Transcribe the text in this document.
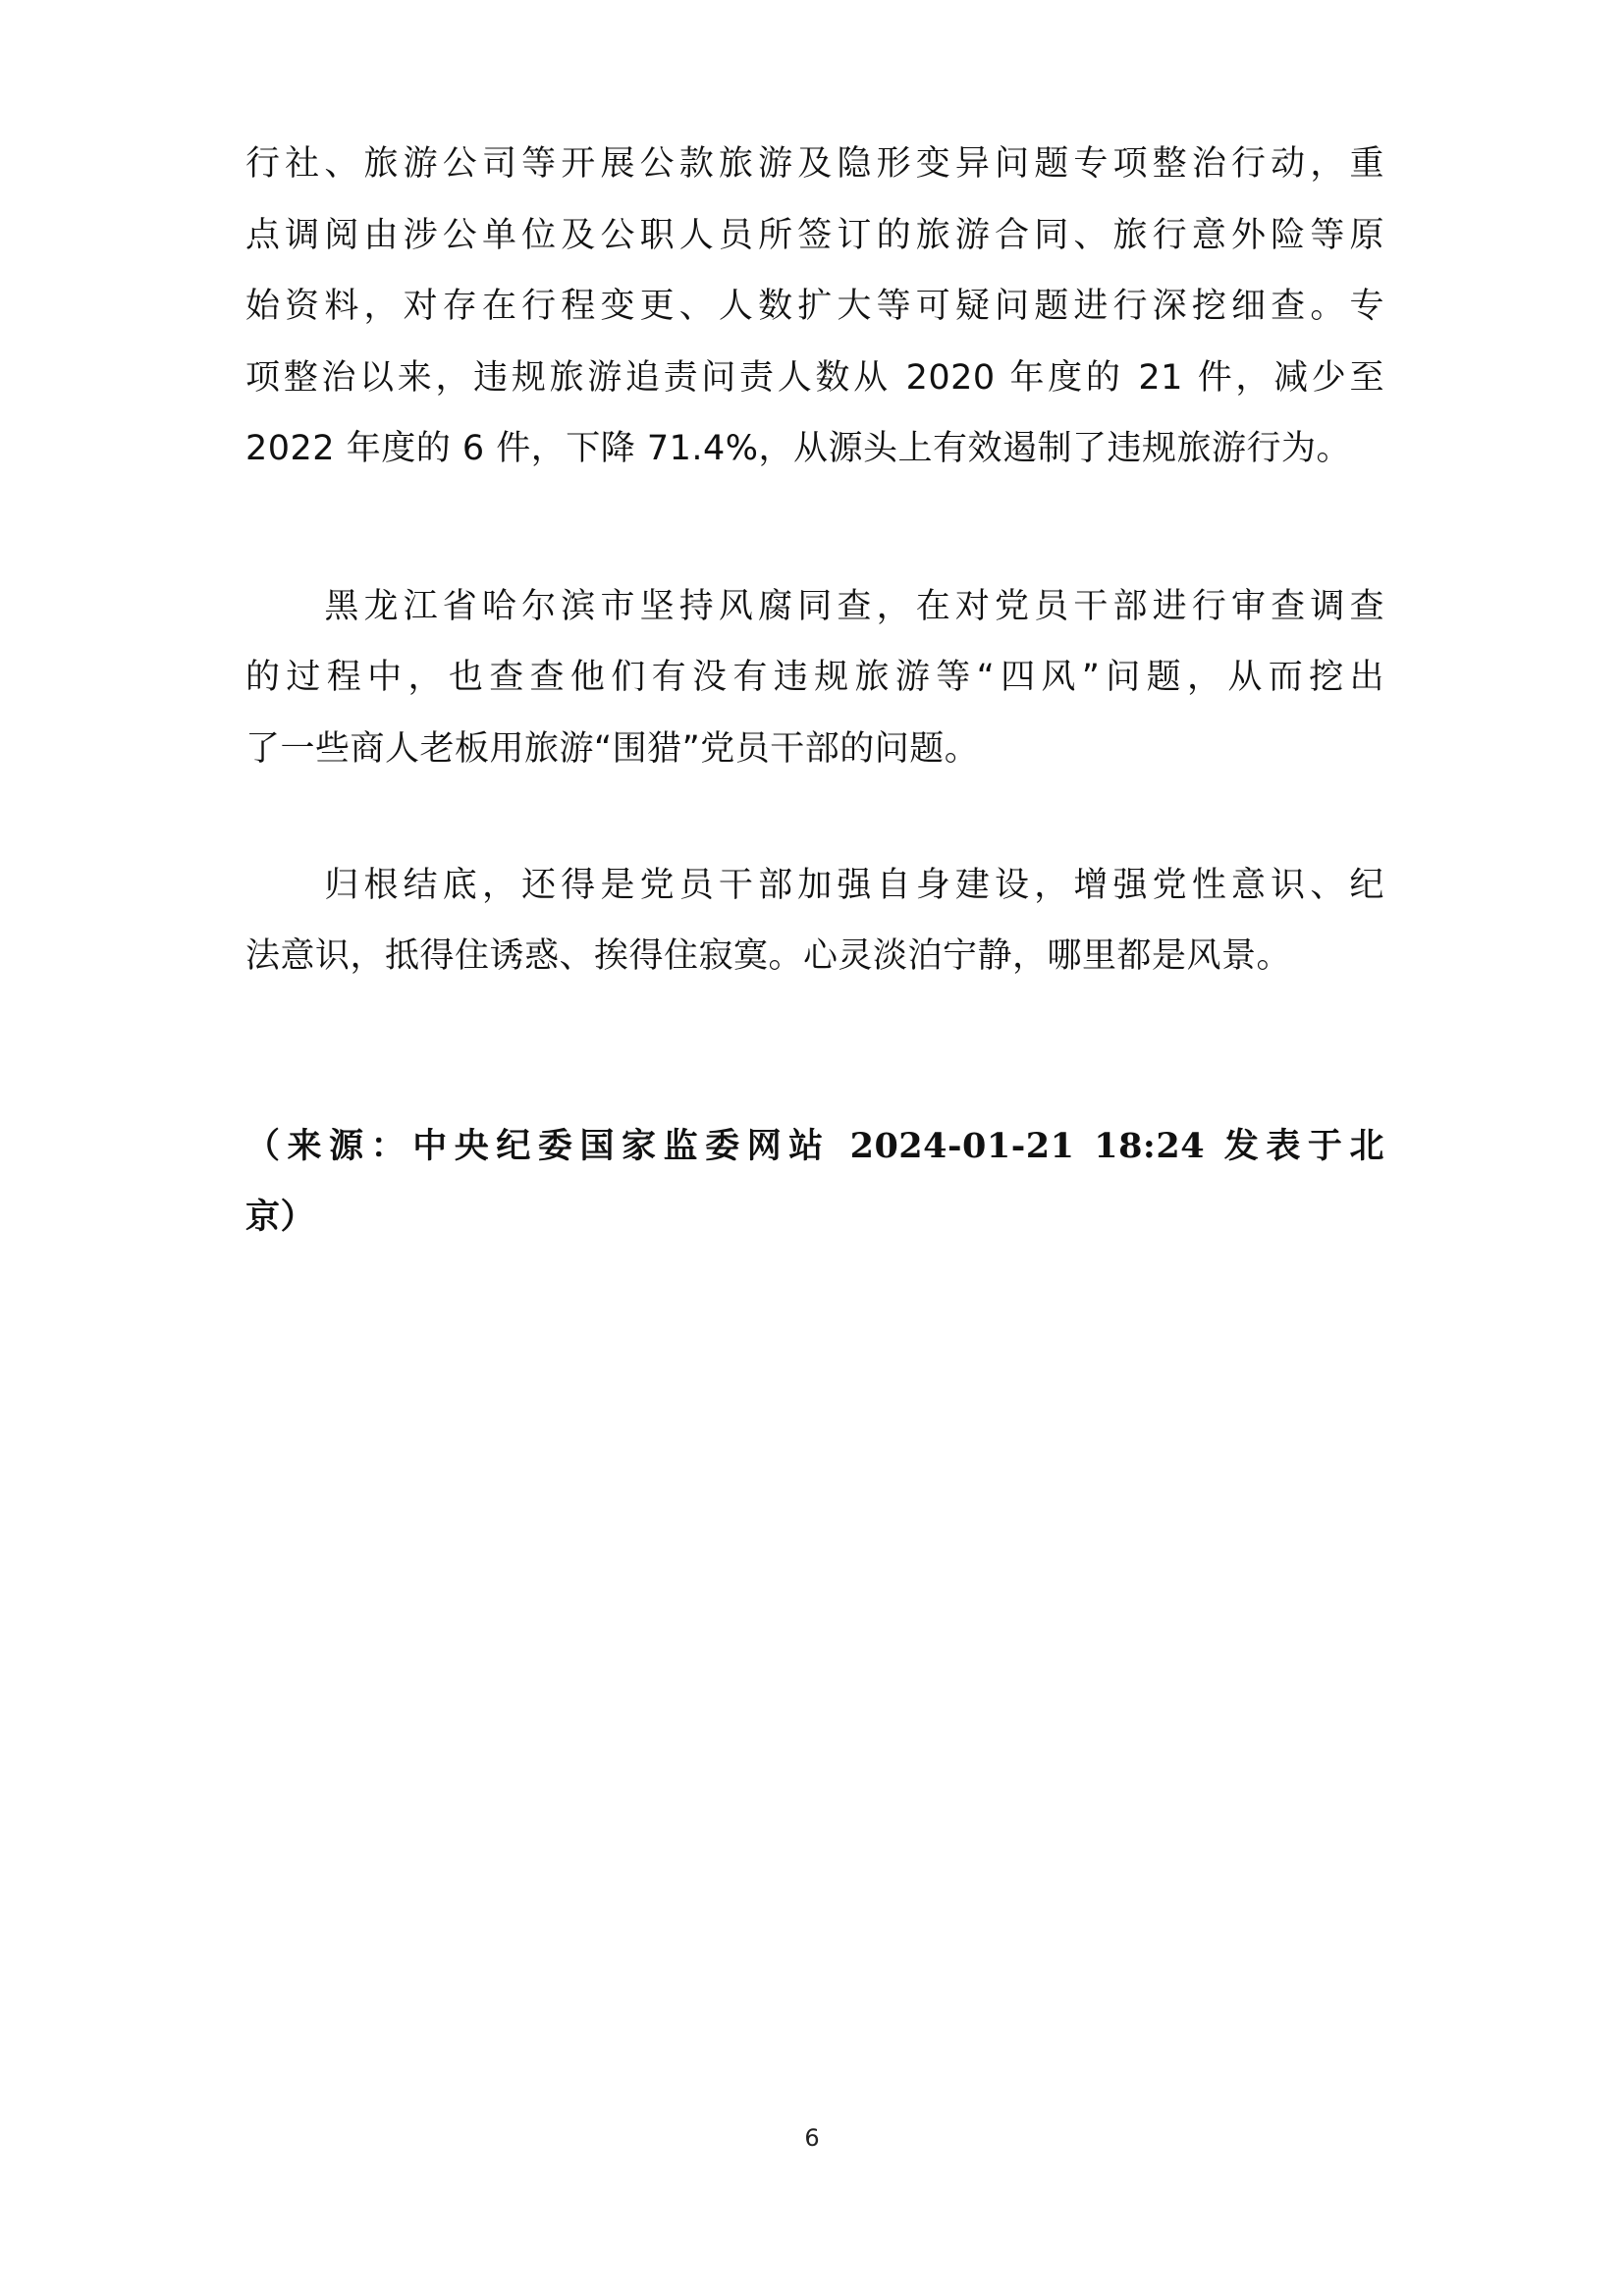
行社、旅游公司等开展公款旅游及隐形变异问题专项整治行动，重
点调阅由涉公单位及公职人员所签订的旅游合同、旅行意外险等原
始资料，对存在行程变更、人数扩大等可疑问题进行深挖细查。专
项整治以来，违规旅游追责问责人数从 2020 年度的 21 件，减少至
2022 年度的 6 件，下降 71.4%，从源头上有效遏制了违规旅游行为。
　　黑龙江省哈尔滨市坚持风腐同查，在对党员干部进行审查调查
的过程中，也查查他们有没有违规旅游等“四风”问题，从而挖出
了一些商人老板用旅游“围猎”党员干部的问题。
　　归根结底，还得是党员干部加强自身建设，增强党性意识、纪
法意识，抵得住诱惑、挨得住寂寞。心灵淡泊宁静，哪里都是风景。
（来源：中央纪委国家监委网站 2024-01-21 18:24 发表于北
京）
6
